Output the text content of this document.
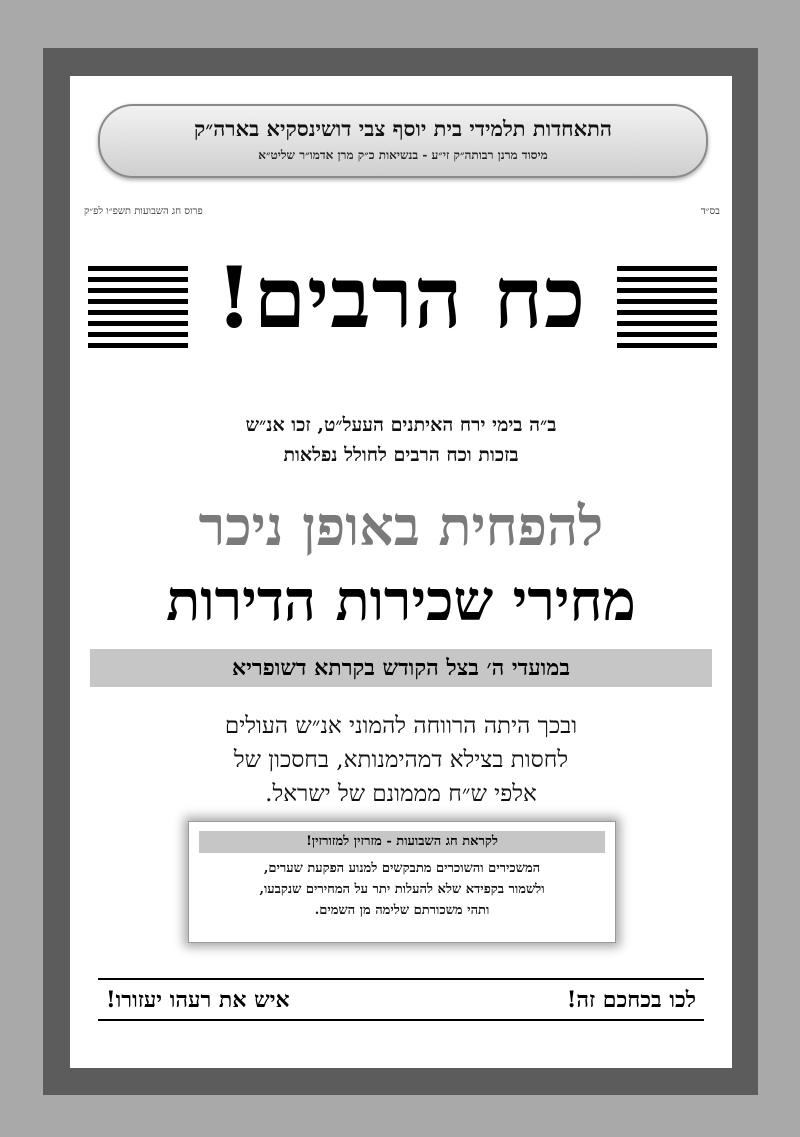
התאחדות תלמידי בית יוסף צבי דושינסקיא בארה״ק
מיסוד מרנן רבותה״ק זי״ע - בנשיאות כ״ק מרן אדמו״ר שליט״א
בס״ד
פרוס חג השבועות תשפ״ו לפ״ק
כח הרבים!
ב״ה בימי ירח האיתנים העעל״ט, זכו אנ״ש
בזכות וכח הרבים לחולל נפלאות
להפחית באופן ניכר
מחירי שכירות הדירות
במועדי ה׳ בצל הקודש בקרתא דשופריא
ובכך היתה הרווחה להמוני אנ״ש העולים
לחסות בצילא דמהימנותא, בחסכון של
אלפי ש״ח מממונם של ישראל.
לקראת חג השבועות - מזרזין למזורזין!
המשכירים והשוכרים מתבקשים למנוע הפקעת שערים,
ולשמור בקפידא שלא להעלות יתר על המחירים שנקבעו,
ותהי משכורתם שלימה מן השמים.
לכו בכחכם זה!
איש את רעהו יעזורו!
